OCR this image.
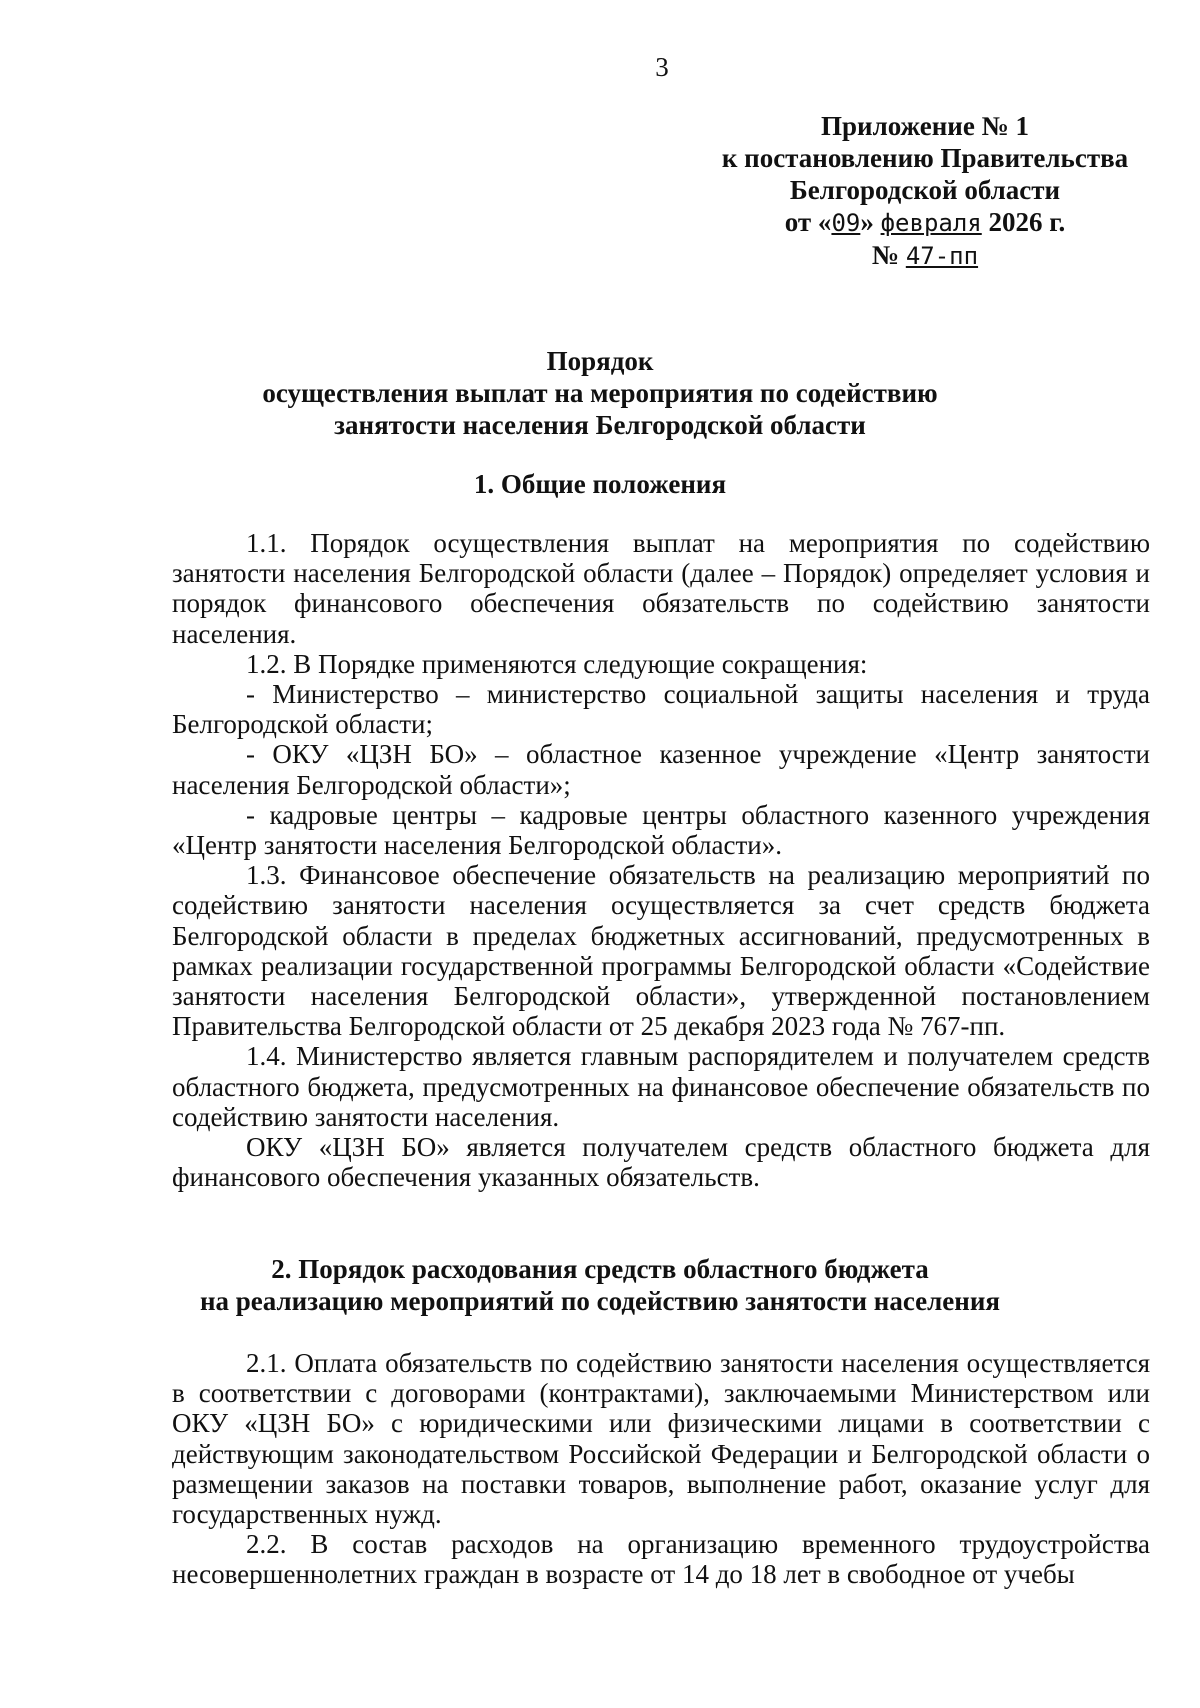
3
Приложение № 1
к постановлению Правительства
Белгородской области
от «09» февраля 2026 г.
№ 47-пп
Порядок
осуществления выплат на мероприятия по содействию
занятости населения Белгородской области
1. Общие положения

1.1. Порядок осуществления выплат на мероприятия по содействию занятости населения Белгородской области (далее – Порядок) определяет условия и порядок финансового обеспечения обязательств по содействию занятости населения.

1.2. В Порядке применяются следующие сокращения:

- Министерство – министерство социальной защиты населения и труда Белгородской области;

- ОКУ «ЦЗН БО» – областное казенное учреждение «Центр занятости населения Белгородской области»;

- кадровые центры – кадровые центры областного казенного учреждения «Центр занятости населения Белгородской области».

1.3. Финансовое обеспечение обязательств на реализацию мероприятий по содействию занятости населения осуществляется за счет средств бюджета Белгородской области в пределах бюджетных ассигнований, предусмотренных в рамках реализации государственной программы Белгородской области «Содействие занятости населения Белгородской области», утвержденной постановлением Правительства Белгородской области от 25 декабря 2023 года № 767-пп.

1.4. Министерство является главным распорядителем и получателем средств областного бюджета, предусмотренных на финансовое обеспечение обязательств по содействию занятости населения.

ОКУ «ЦЗН БО» является получателем средств областного бюджета для финансового обеспечения указанных обязательств.

2. Порядок расходования средств областного бюджета
на реализацию мероприятий по содействию занятости населения

2.1. Оплата обязательств по содействию занятости населения осуществляется в соответствии с договорами (контрактами), заключаемыми Министерством или ОКУ «ЦЗН БО» с юридическими или физическими лицами в соответствии с действующим законодательством Российской Федерации и Белгородской области о размещении заказов на поставки товаров, выполнение работ, оказание услуг для государственных нужд.

2.2. В состав расходов на организацию временного трудоустройства несовершеннолетних граждан в возрасте от 14 до 18 лет в свободное от учебы
